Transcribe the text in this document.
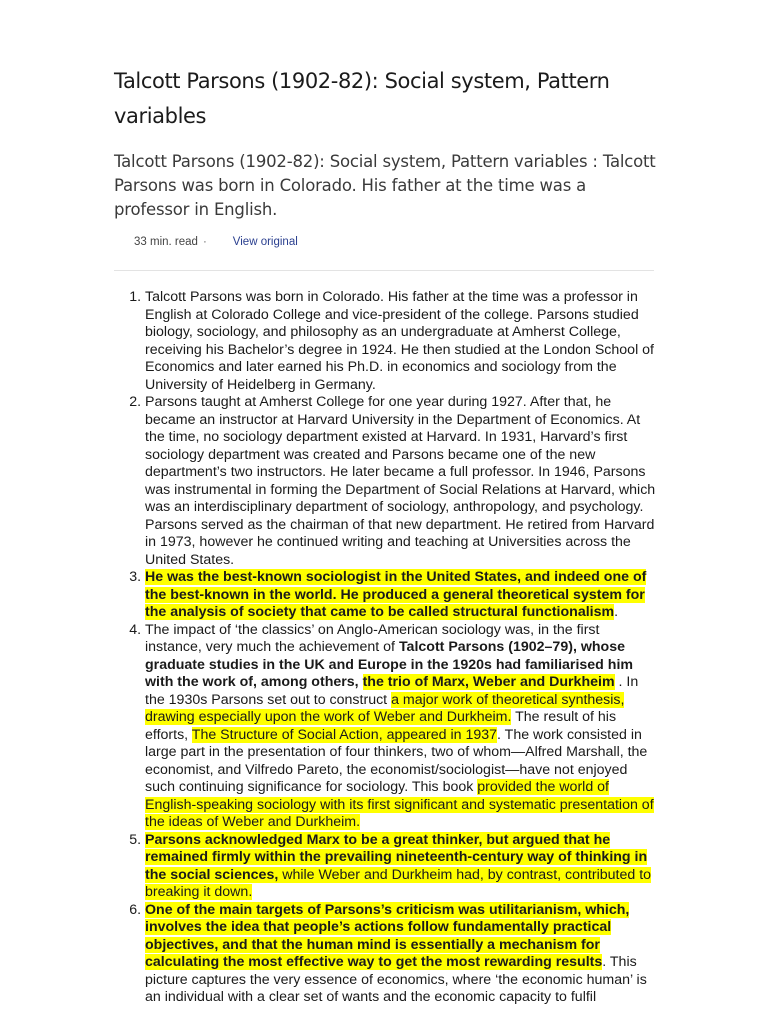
Talcott Parsons (1902-82): Social system, Pattern variables

Talcott Parsons (1902-82): Social system, Pattern variables : Talcott Parsons was born in Colorado. His father at the time was a professor in English.

33 min. read · View original
1. Talcott Parsons was born in Colorado. His father at the time was a professor in English at Colorado College and vice-president of the college. Parsons studied biology, sociology, and philosophy as an undergraduate at Amherst College, receiving his Bachelor’s degree in 1924. He then studied at the London School of Economics and later earned his Ph.D. in economics and sociology from the University of Heidelberg in Germany.
2. Parsons taught at Amherst College for one year during 1927. After that, he became an instructor at Harvard University in the Department of Economics. At the time, no sociology department existed at Harvard. In 1931, Harvard’s first sociology department was created and Parsons became one of the new department’s two instructors. He later became a full professor. In 1946, Parsons was instrumental in forming the Department of Social Relations at Harvard, which was an interdisciplinary department of sociology, anthropology, and psychology. Parsons served as the chairman of that new department. He retired from Harvard in 1973, however he continued writing and teaching at Universities across the United States.
3. He was the best-known sociologist in the United States, and indeed one of the best-known in the world. He produced a general theoretical system for the analysis of society that came to be called structural functionalism.
4. The impact of ‘the classics’ on Anglo-American sociology was, in the first instance, very much the achievement of Talcott Parsons (1902–79), whose graduate studies in the UK and Europe in the 1920s had familiarised him with the work of, among others, the trio of Marx, Weber and Durkheim . In the 1930s Parsons set out to construct a major work of theoretical synthesis, drawing especially upon the work of Weber and Durkheim. The result of his efforts, The Structure of Social Action, appeared in 1937. The work consisted in large part in the presentation of four thinkers, two of whom—Alfred Marshall, the economist, and Vilfredo Pareto, the economist/sociologist—have not enjoyed such continuing significance for sociology. This book provided the world of English-speaking sociology with its first significant and systematic presentation of the ideas of Weber and Durkheim.
5. Parsons acknowledged Marx to be a great thinker, but argued that he remained firmly within the prevailing nineteenth-century way of thinking in the social sciences, while Weber and Durkheim had, by contrast, contributed to breaking it down.
6. One of the main targets of Parsons’s criticism was utilitarianism, which, involves the idea that people’s actions follow fundamentally practical objectives, and that the human mind is essentially a mechanism for calculating the most effective way to get the most rewarding results. This picture captures the very essence of economics, where ‘the economic human’ is an individual with a clear set of wants and the economic capacity to fulfil
